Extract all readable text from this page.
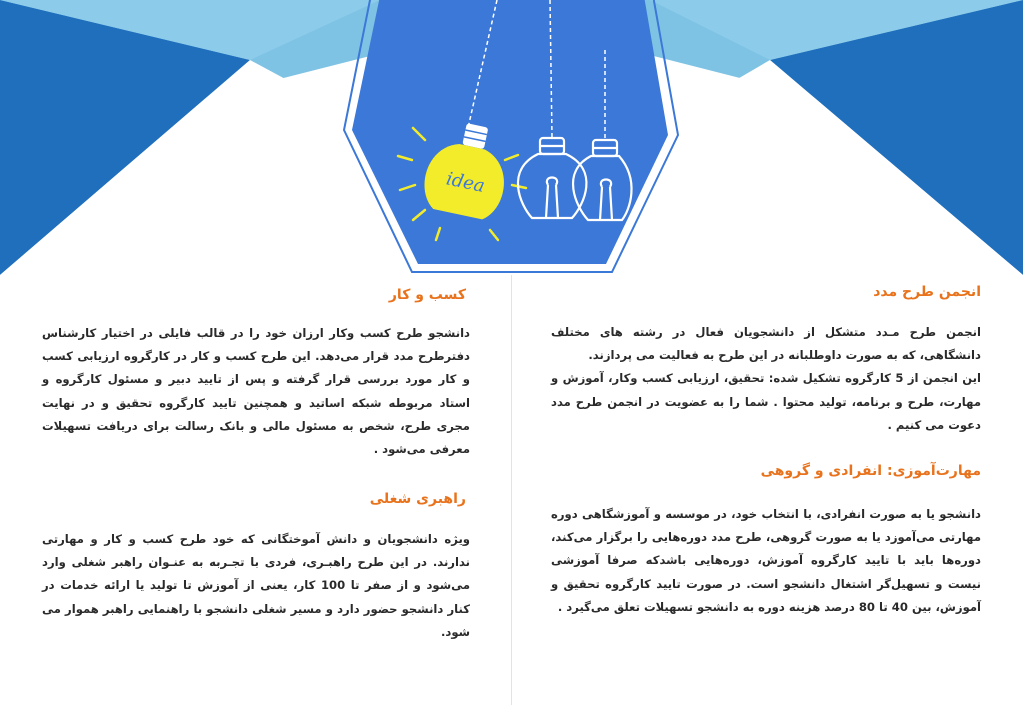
idea
انجمن طرح مدد

انجمن طرح مـدد متشکل از دانشجویان فعال در رشته های مختلف دانشگاهی، که به صورت داوطلبانه در این طرح به فعالیت می پردازند.

این انجمن از 5 کارگروه تشکیل شده: تحقیق، ارزیابی کسب وکار، آموزش و مهارت، طرح و برنامه، تولید محتوا . شما را به عضویت در انجمن طرح مدد دعوت می کنیم .

مهارت‌آموزی: انفرادی و گروهی

دانشجو یا به صورت انفرادی، با انتخاب خود، در موسسه و آموزشگاهی دوره مهارتی می‌آموزد یا به صورت گروهی، طرح مدد دوره‌هایی را برگزار می‌کند، دوره‌ها باید با تایید کارگروه آموزش، دوره‌هایی باشدکه صرفا آموزشی نیست و تسهیل‌گر اشتغال دانشجو است. در صورت تایید کارگروه تحقیق و آموزش، بین 40 تا 80 درصد هزینه دوره به دانشجو تسهیلات تعلق می‌گیرد .

کسب و کار

دانشجو طرح کسب وکار ارزان خود را در قالب فایلی در اختیار کارشناس دفترطرح مدد قرار می‌دهد. این طرح کسب و کار در کارگروه ارزیابی کسب و کار مورد بررسی قرار گرفته و پس از تایید دبیر و مسئول کارگروه و استاد مربوطه شبکه اساتید و همچنین تایید کارگروه تحقیق و در نهایت مجری طرح، شخص به مسئول مالی و بانک رسالت برای دریافت تسهیلات معرفی می‌شود .

راهبری شغلی

ویژه دانشجویان و دانش آموختگانی که خود طرح کسب و کار و مهارتی ندارند. در این طرح راهبـری، فردی با تجـربه به عنـوان راهبر شغلی وارد می‌شود و از صفر تا 100 کار، یعنی از آموزش تا تولید یا ارائه خدمات در کنار دانشجو حضور دارد و مسیر شغلی دانشجو با راهنمایی راهبر هموار می شود.
